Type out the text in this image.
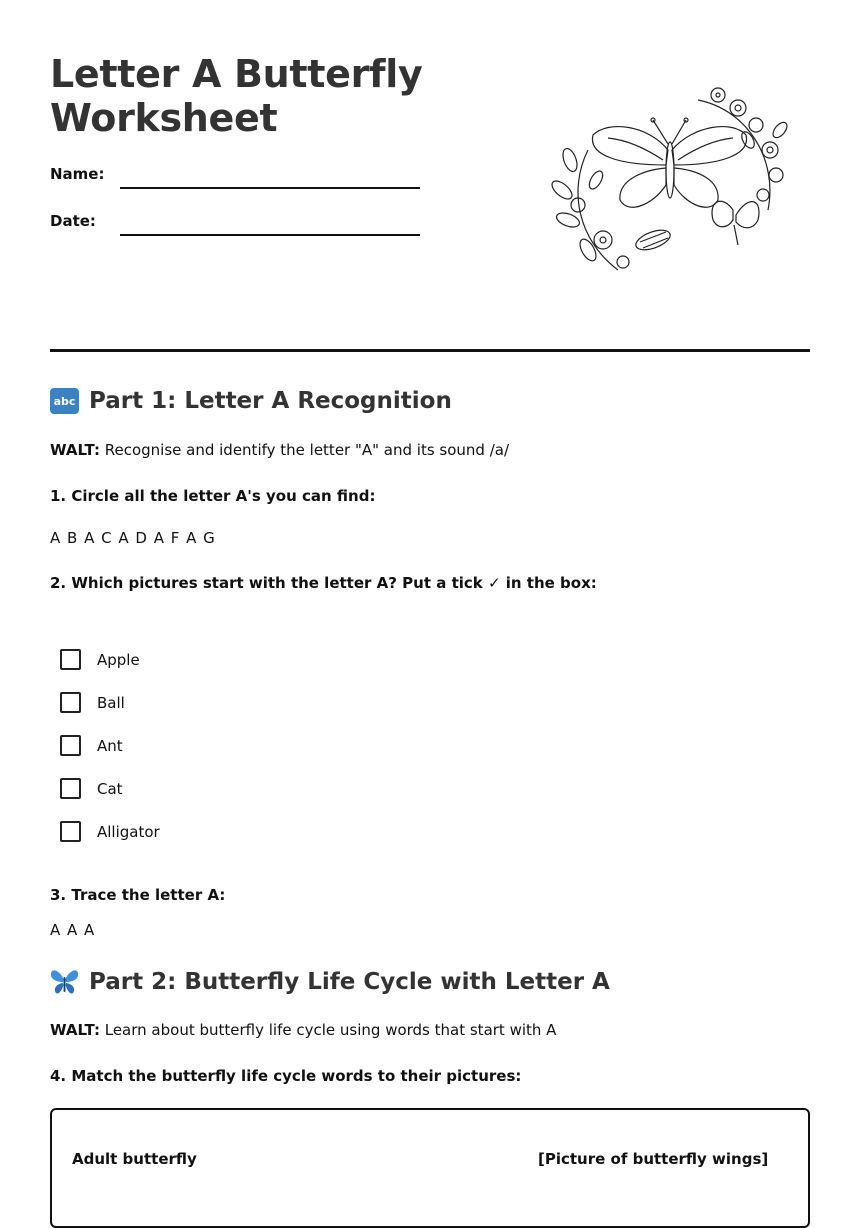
Letter A Butterfly
Worksheet
Name:
Date:
abc Part 1: Letter A Recognition
WALT: Recognise and identify the letter "A" and its sound /a/
1. Circle all the letter A's you can find:
A B A C A D A F A G
2. Which pictures start with the letter A? Put a tick ✓ in the box:
Apple
Ball
Ant
Cat
Alligator
3. Trace the letter A:
A A A
Part 2: Butterfly Life Cycle with Letter A
WALT: Learn about butterfly life cycle using words that start with A
4. Match the butterfly life cycle words to their pictures:
Adult butterfly	[Picture of butterfly wings]
